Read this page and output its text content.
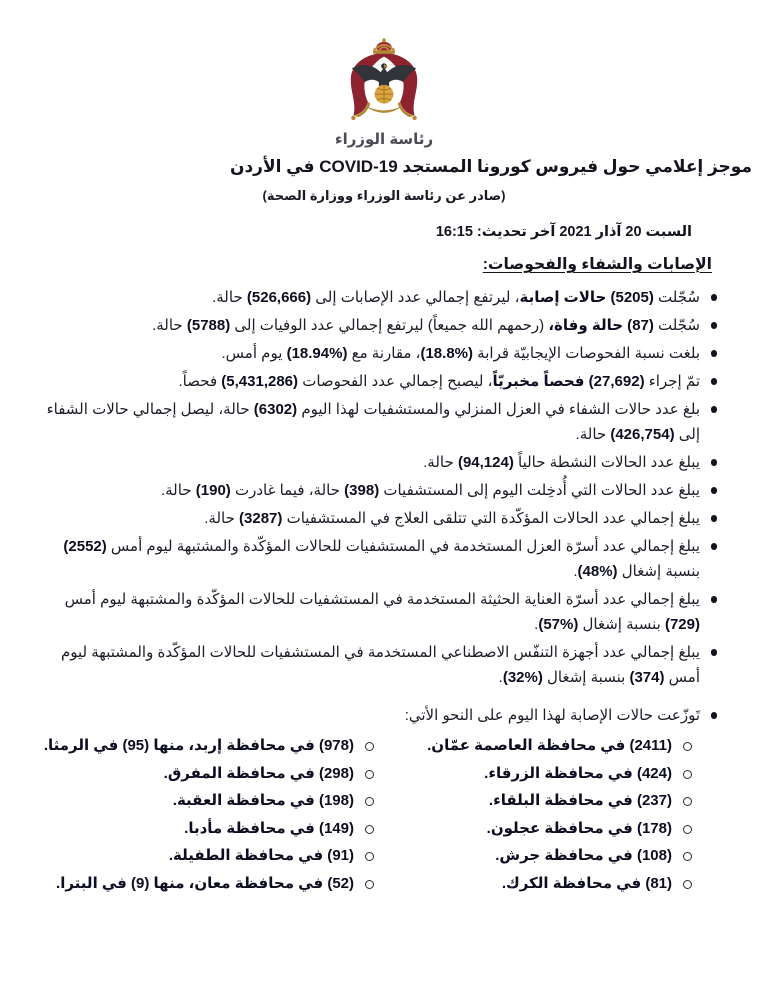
رئاسة الوزراء
موجز إعلامي حول فيروس كورونا المستجد COVID-19 في الأردن
(صادر عن رئاسة الوزراء ووزارة الصحة)
السبت 20 آذار 2021 آخر تحديث: 16:15
الإصابات والشفاء والفحوصات:
سُجّلت (5205) حالات إصابة، ليرتفع إجمالي عدد الإصابات إلى (526,666) حالة.
سُجّلت (87) حالة وفاة، (رحمهم الله جميعاً) ليرتفع إجمالي عدد الوفيات إلى (5788) حالة.
بلغت نسبة الفحوصات الإيجابيّة قرابة (%18.8)، مقارنة مع (%18.94) يوم أمس.
تمّ إجراء (27,692) فحصاً مخبريّاً، ليصبح إجمالي عدد الفحوصات (5,431,286) فحصاً.
بلغ عدد حالات الشفاء في العزل المنزلي والمستشفيات لهذا اليوم (6302) حالة، ليصل إجمالي حالات الشفاء إلى (426,754) حالة.
يبلغ عدد الحالات النشطة حالياً (94,124) حالة.
يبلغ عدد الحالات التي أُدخِلت اليوم إلى المستشفيات (398) حالة، فيما غادرت (190) حالة.
يبلغ إجمالي عدد الحالات المؤكّدة التي تتلقى العلاج في المستشفيات (3287) حالة.
يبلغ إجمالي عدد أسرّة العزل المستخدمة في المستشفيات للحالات المؤكّدة والمشتبهة ليوم أمس (2552) بنسبة إشغال (%48).
يبلغ إجمالي عدد أسرّة العناية الحثيثة المستخدمة في المستشفيات للحالات المؤكّدة والمشتبهة ليوم أمس (729) بنسبة إشغال (%57).
يبلغ إجمالي عدد أجهزة التنفّس الاصطناعي المستخدمة في المستشفيات للحالات المؤكّدة والمشتبهة ليوم أمس (374) بنسبة إشغال (%32).
تَوزّعت حالات الإصابة لهذا اليوم على النحو الأتي:
(2411) في محافظة العاصمة عمّان.
(424) في محافظة الزرقاء.
(237) في محافظة البلقاء.
(178) في محافظة عجلون.
(108) في محافظة جرش.
(81) في محافظة الكرك.
(978) في محافظة إربد، منها (95) في الرمثا.
(298) في محافظة المفرق.
(198) في محافظة العقبة.
(149) في محافظة مأدبا.
(91) في محافظة الطفيلة.
(52) في محافظة معان، منها (9) في البترا.
